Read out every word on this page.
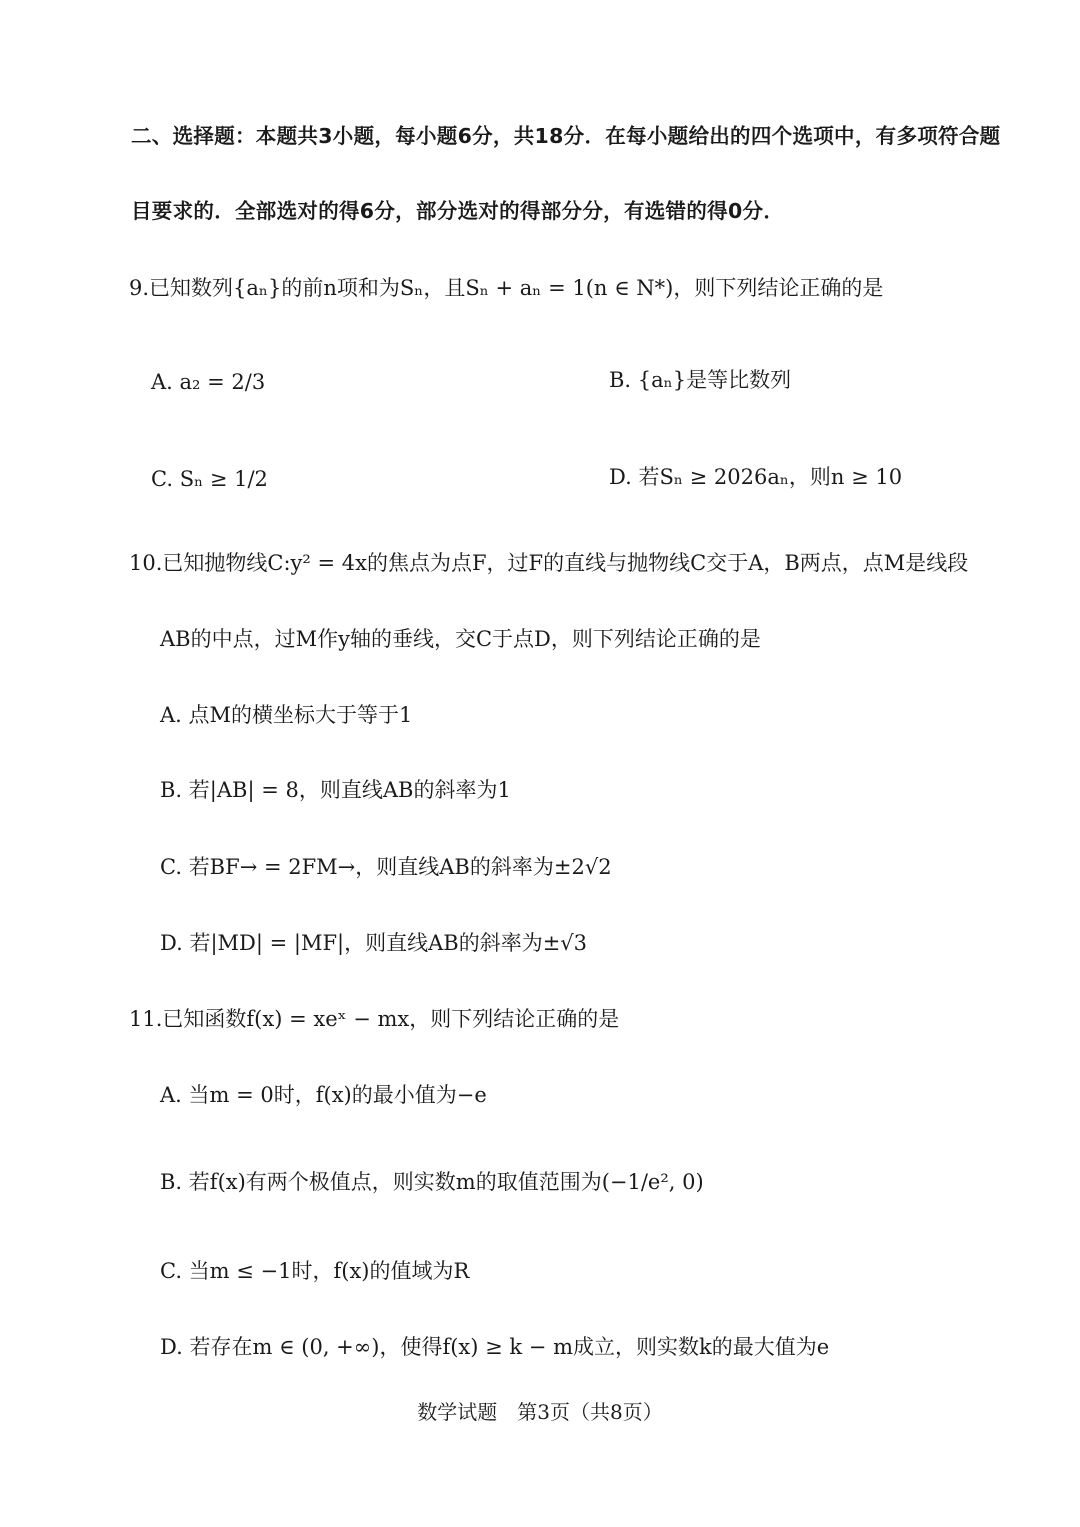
二、选择题：本题共3小题，每小题6分，共18分．在每小题给出的四个选项中，有多项符合题
目要求的．全部选对的得6分，部分选对的得部分分，有选错的得0分．
9.已知数列{aₙ}的前n项和为Sₙ，且Sₙ + aₙ = 1(n ∈ N*)，则下列结论正确的是
A. a₂ = 2/3	B. {aₙ}是等比数列
C. Sₙ ≥ 1/2	D. 若Sₙ ≥ 2026aₙ，则n ≥ 10
10.已知抛物线C:y² = 4x的焦点为点F，过F的直线与抛物线C交于A，B两点，点M是线段
AB的中点，过M作y轴的垂线，交C于点D，则下列结论正确的是
A. 点M的横坐标大于等于1
B. 若|AB| = 8，则直线AB的斜率为1
C. 若BF→ = 2FM→，则直线AB的斜率为±2√2
D. 若|MD| = |MF|，则直线AB的斜率为±√3
11.已知函数f(x) = xeˣ − mx，则下列结论正确的是
A. 当m = 0时，f(x)的最小值为−e
B. 若f(x)有两个极值点，则实数m的取值范围为(−1/e², 0)
C. 当m ≤ −1时，f(x)的值域为R
D. 若存在m ∈ (0, +∞)，使得f(x) ≥ k − m成立，则实数k的最大值为e
数学试题　第3页（共8页）
